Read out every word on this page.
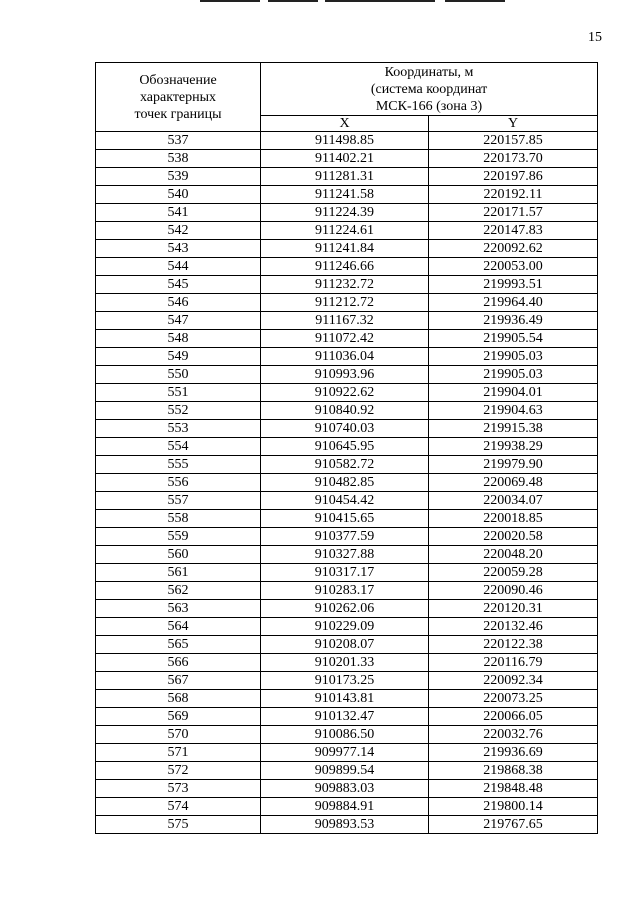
15
Обозначение
характерных
точек границы	Координаты, м
(система координат
МСК-166 (зона 3)	

	X	Y
537	911498.85	220157.85
538	911402.21	220173.70
539	911281.31	220197.86
540	911241.58	220192.11
541	911224.39	220171.57
542	911224.61	220147.83
543	911241.84	220092.62
544	911246.66	220053.00
545	911232.72	219993.51
546	911212.72	219964.40
547	911167.32	219936.49
548	911072.42	219905.54
549	911036.04	219905.03
550	910993.96	219905.03
551	910922.62	219904.01
552	910840.92	219904.63
553	910740.03	219915.38
554	910645.95	219938.29
555	910582.72	219979.90
556	910482.85	220069.48
557	910454.42	220034.07
558	910415.65	220018.85
559	910377.59	220020.58
560	910327.88	220048.20
561	910317.17	220059.28
562	910283.17	220090.46
563	910262.06	220120.31
564	910229.09	220132.46
565	910208.07	220122.38
566	910201.33	220116.79
567	910173.25	220092.34
568	910143.81	220073.25
569	910132.47	220066.05
570	910086.50	220032.76
571	909977.14	219936.69
572	909899.54	219868.38
573	909883.03	219848.48
574	909884.91	219800.14
575	909893.53	219767.65
